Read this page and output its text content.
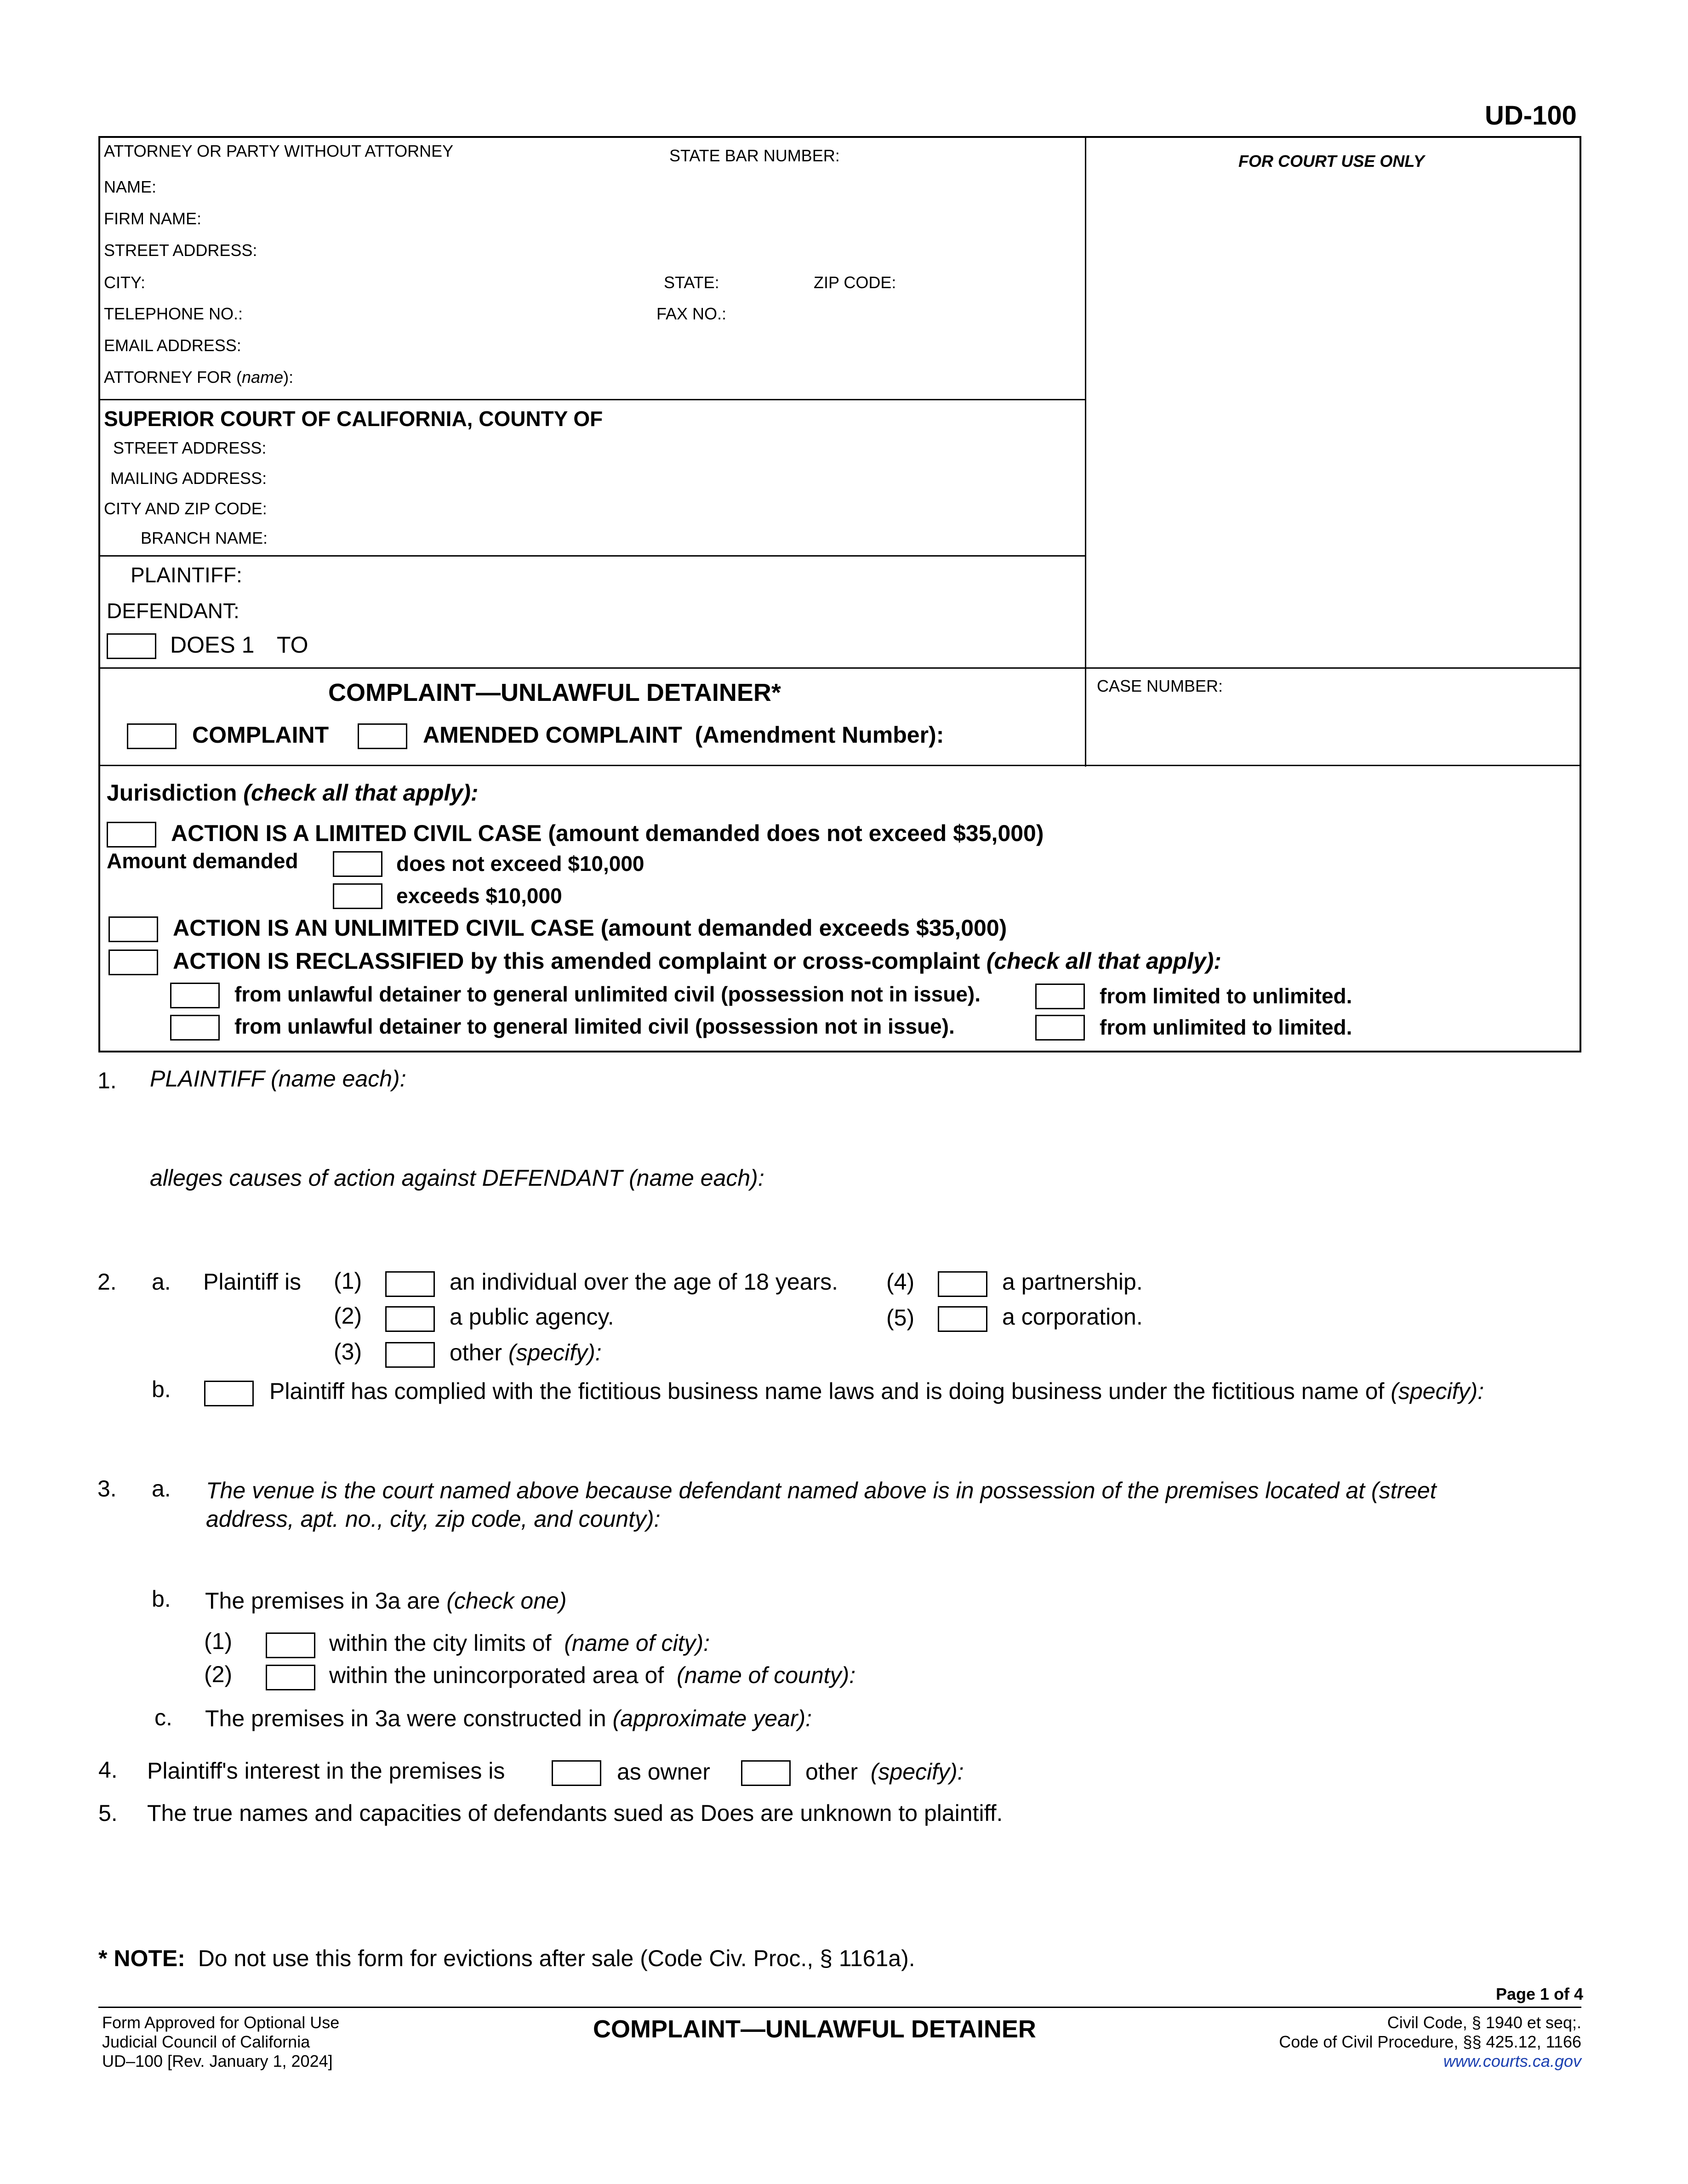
UD-100
ATTORNEY OR PARTY WITHOUT ATTORNEY	STATE BAR NUMBER:
NAME:
FIRM NAME:
STREET ADDRESS:
CITY:	STATE:	ZIP CODE:
TELEPHONE NO.:	FAX NO.:
EMAIL ADDRESS:
ATTORNEY FOR (name):
FOR COURT USE ONLY
SUPERIOR COURT OF CALIFORNIA, COUNTY OF
STREET ADDRESS:
MAILING ADDRESS:
CITY AND ZIP CODE:
BRANCH NAME:
PLAINTIFF:
DEFENDANT:
DOES 1 TO
COMPLAINT—UNLAWFUL DETAINER*
COMPLAINT	AMENDED COMPLAINT (Amendment Number):
CASE NUMBER:
Jurisdiction (check all that apply):
ACTION IS A LIMITED CIVIL CASE (amount demanded does not exceed $35,000)
Amount demanded	does not exceed $10,000
exceeds $10,000
ACTION IS AN UNLIMITED CIVIL CASE (amount demanded exceeds $35,000)
ACTION IS RECLASSIFIED by this amended complaint or cross-complaint (check all that apply):
from unlawful detainer to general unlimited civil (possession not in issue).
from unlawful detainer to general limited civil (possession not in issue).
from limited to unlimited.
from unlimited to limited.
1. PLAINTIFF (name each):
alleges causes of action against DEFENDANT (name each):
2. a. Plaintiff is (1)	an individual over the age of 18 years.
(2)	a public agency.
(3)	other (specify):
(4)	a partnership.
(5)	a corporation.
b.	Plaintiff has complied with the fictitious business name laws and is doing business under the fictitious name of (specify):
3. a. The venue is the court named above because defendant named above is in possession of the premises located at (street
address, apt. no., city, zip code, and county):
b. The premises in 3a are (check one)
(1)	within the city limits of (name of city):
(2)	within the unincorporated area of (name of county):
c. The premises in 3a were constructed in (approximate year):
4. Plaintiff's interest in the premises is	as owner	other (specify):
5. The true names and capacities of defendants sued as Does are unknown to plaintiff.
* NOTE: Do not use this form for evictions after sale (Code Civ. Proc., § 1161a).
Page 1 of 4
Form Approved for Optional Use
Judicial Council of California
UD–100 [Rev. January 1, 2024]
COMPLAINT—UNLAWFUL DETAINER	Civil Code, § 1940 et seq;.
Code of Civil Procedure, §§ 425.12, 1166
www.courts.ca.gov
